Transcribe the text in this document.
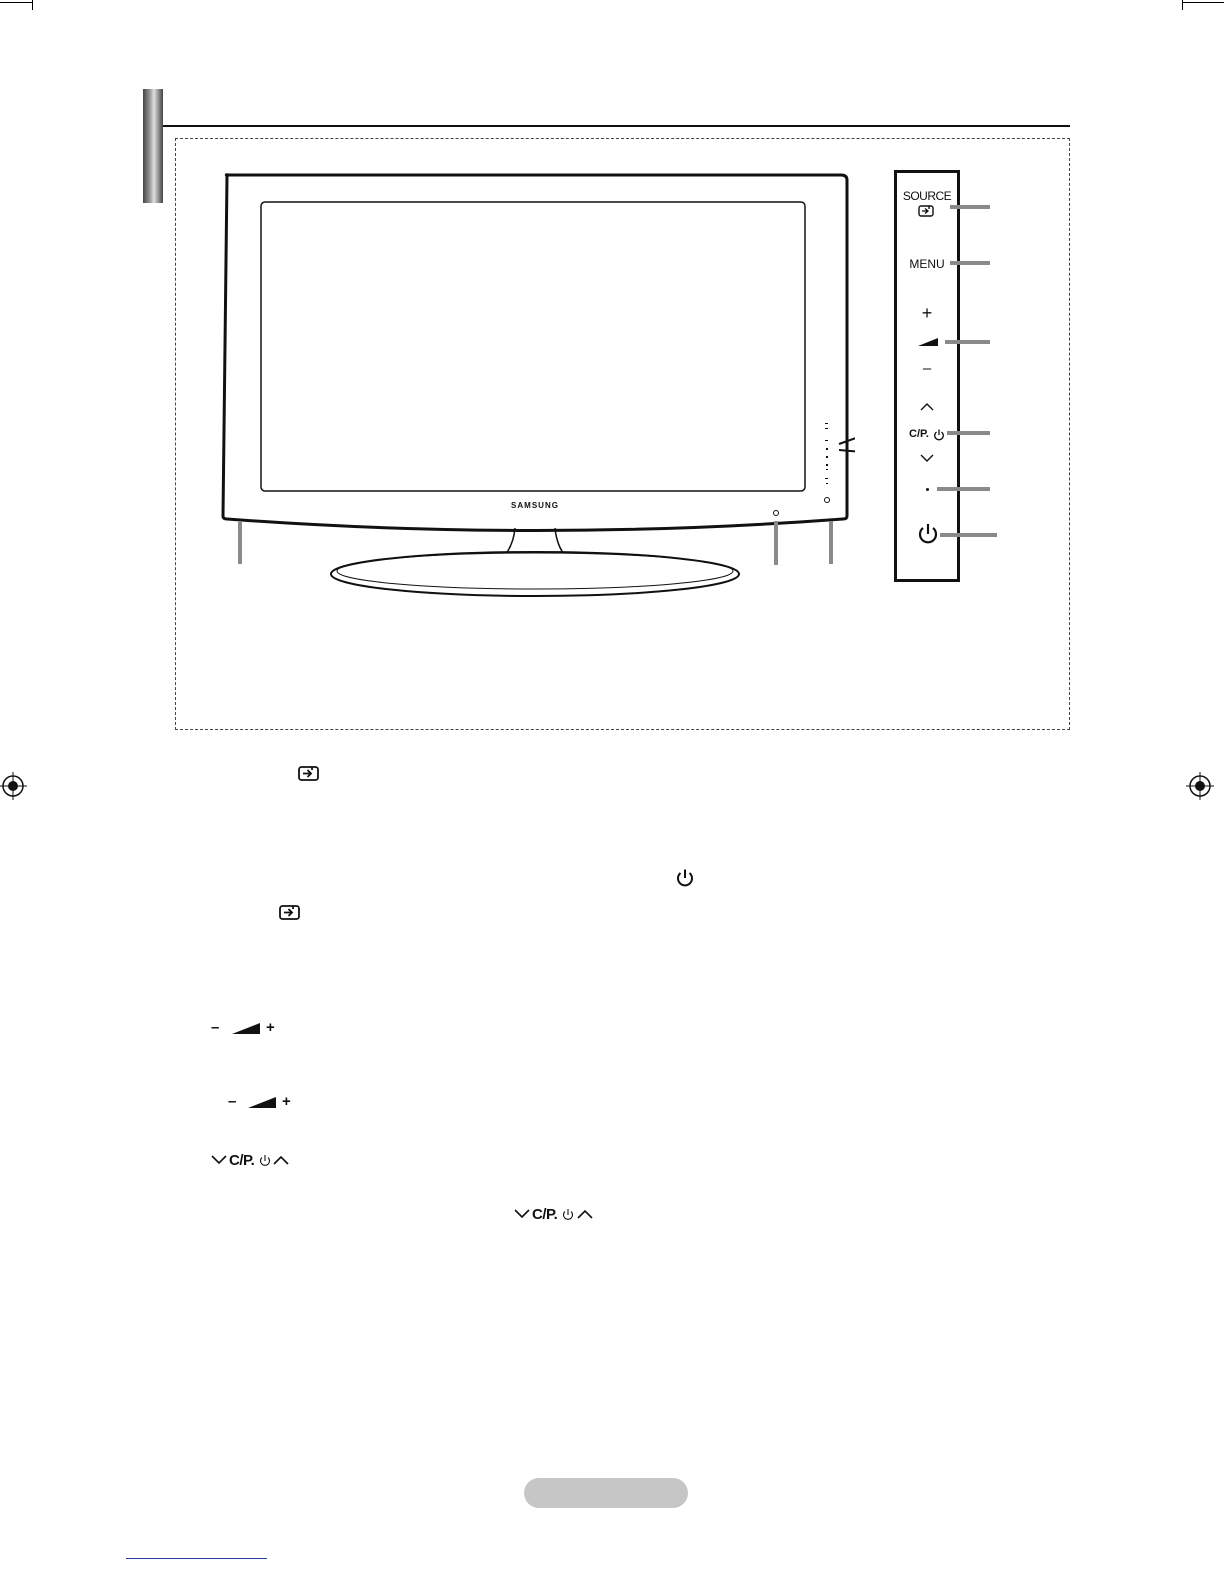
SAMSUNG
SOURCE
MENU
+
–
C/P.
–	+
–	+
C/P.
C/P.
